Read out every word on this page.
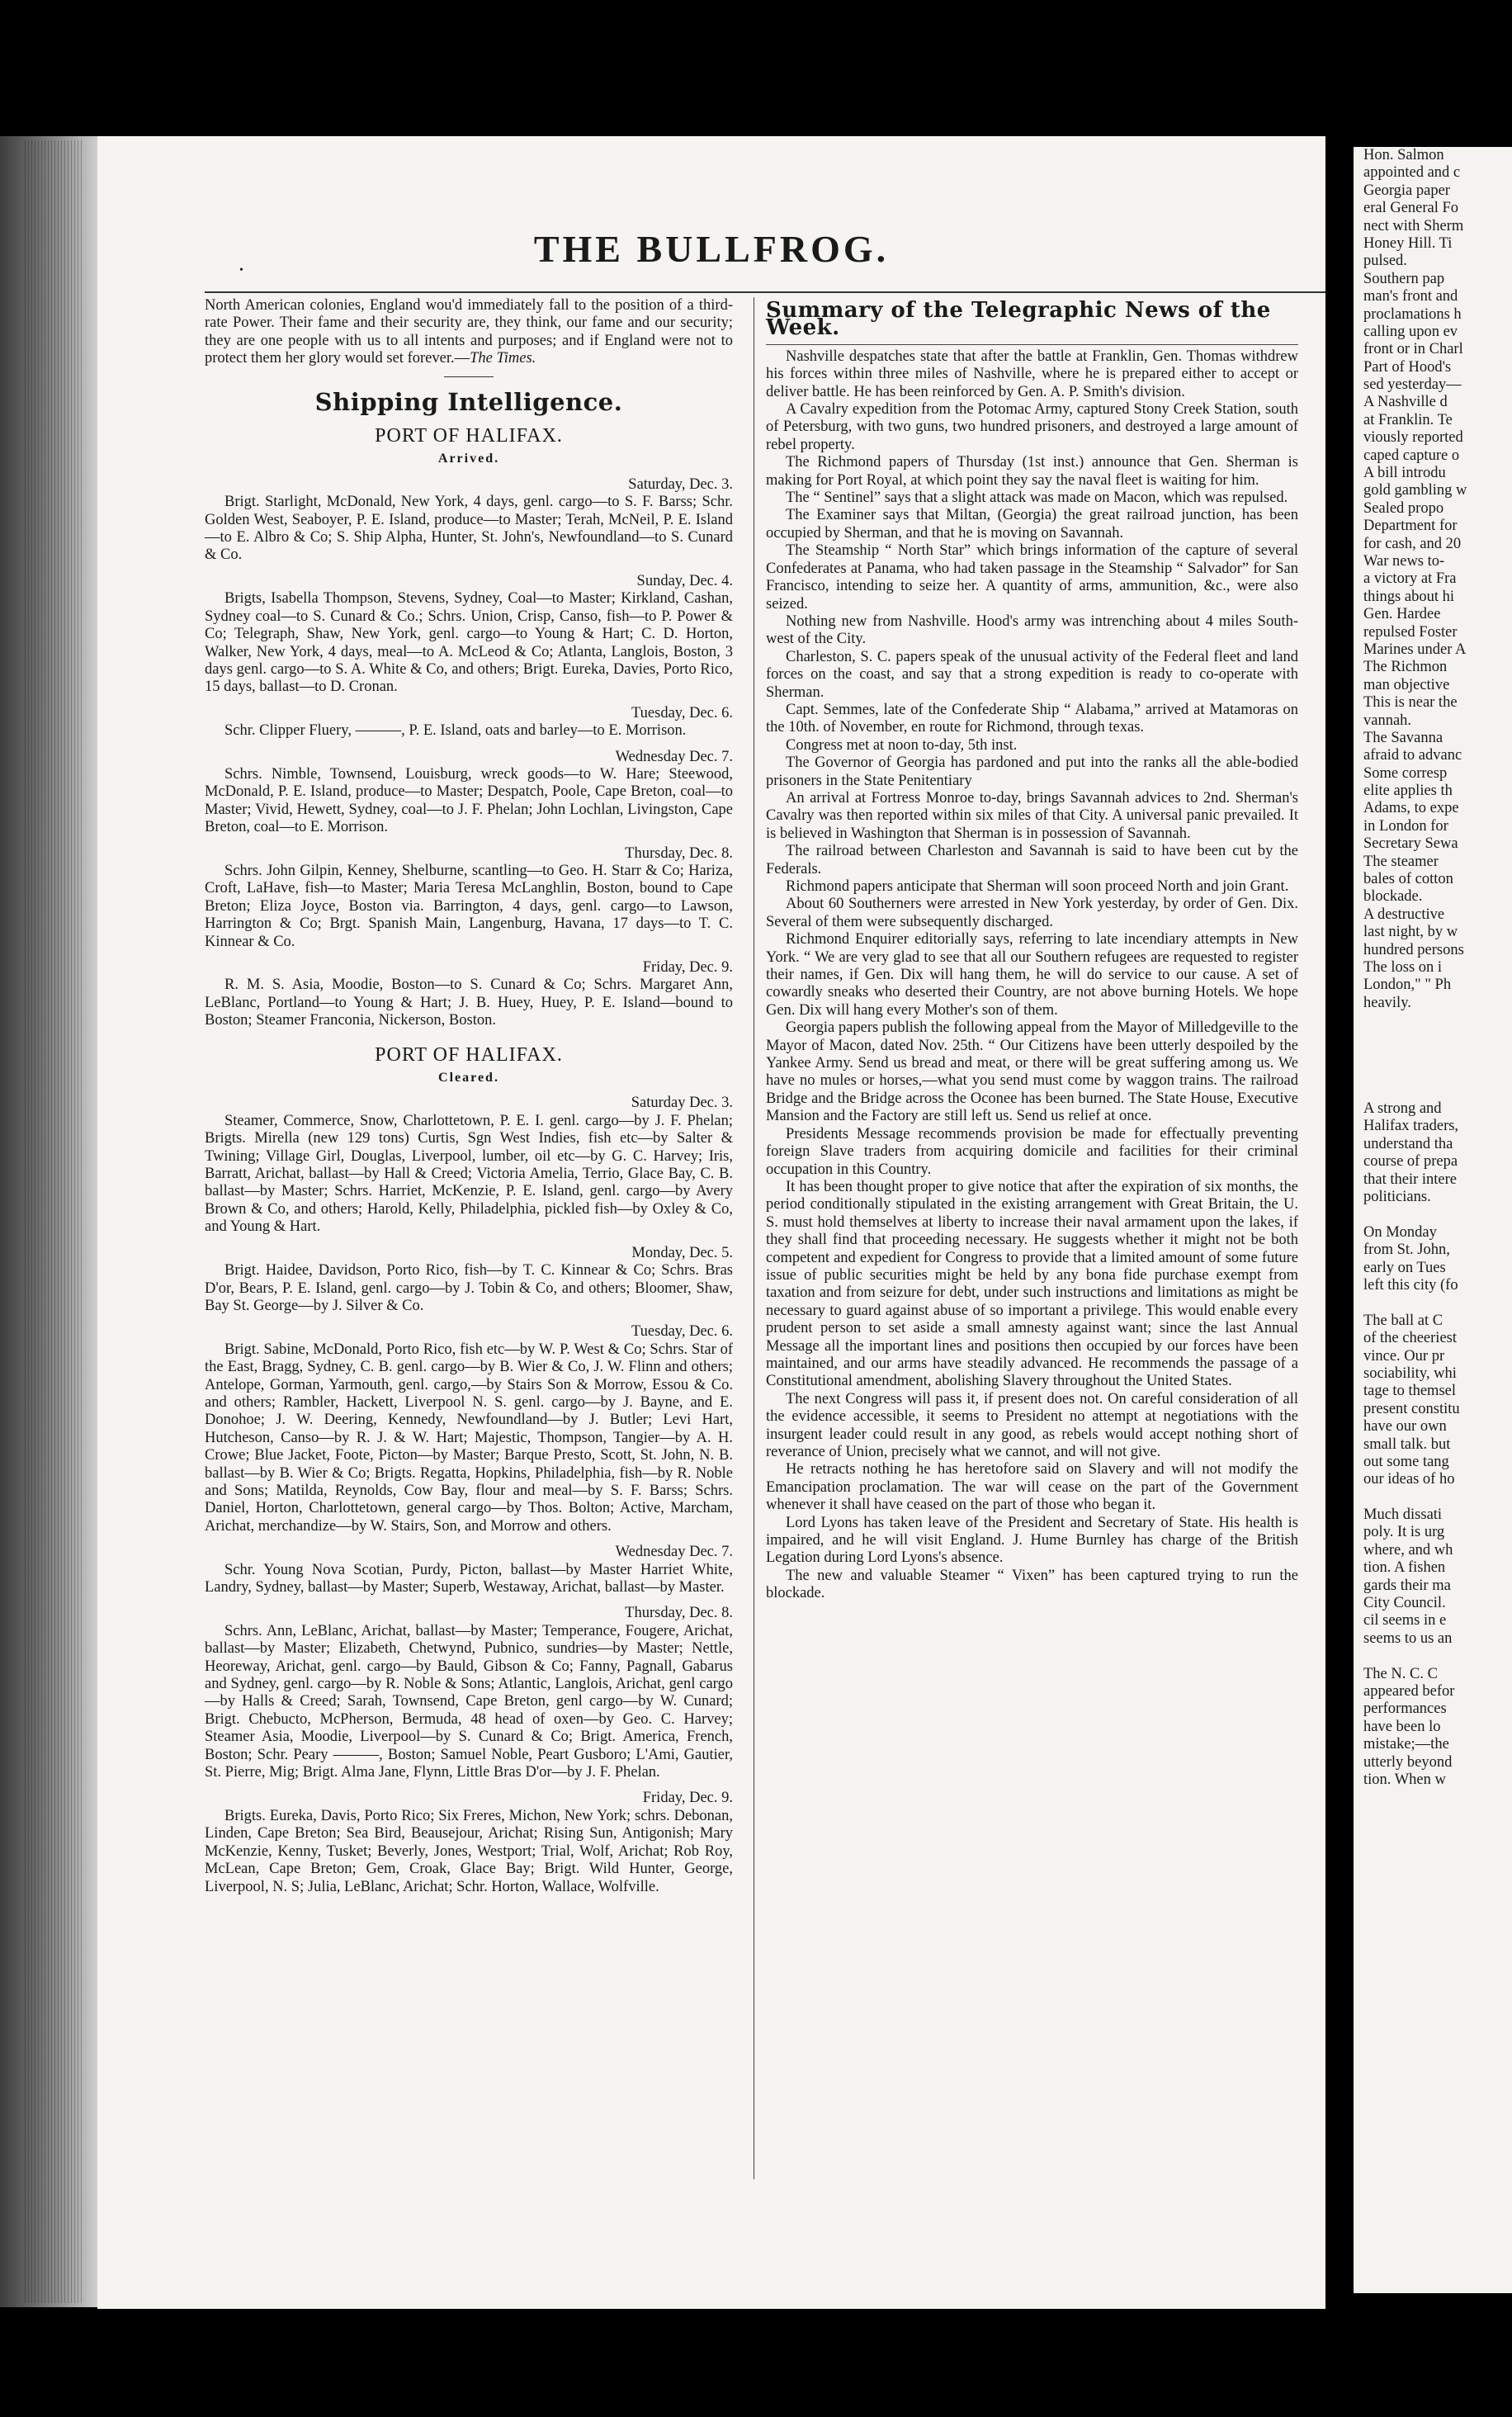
•
THE BULLFROG.

North American colonies, England wou'd immediately fall to the position of a third-rate Power. Their fame and their security are, they think, our fame and our security; they are one people with us to all intents and purposes; and if England were not to protect them her glory would set forever.—The Times.

Shipping Intelligence.
PORT OF HALIFAX.
Arrived.
Saturday, Dec. 3.

Brigt. Starlight, McDonald, New York, 4 days, genl. cargo—to S. F. Barss; Schr. Golden West, Seaboyer, P. E. Island, produce—to Master; Terah, McNeil, P. E. Island—to E. Albro & Co; S. Ship Alpha, Hunter, St. John's, Newfoundland—to S. Cunard & Co.

Sunday, Dec. 4.

Brigts, Isabella Thompson, Stevens, Sydney, Coal—to Master; Kirkland, Cashan, Sydney coal—to S. Cunard & Co.; Schrs. Union, Crisp, Canso, fish—to P. Power & Co; Telegraph, Shaw, New York, genl. cargo—to Young & Hart; C. D. Horton, Walker, New York, 4 days, meal—to A. McLeod & Co; Atlanta, Langlois, Boston, 3 days genl. cargo—to S. A. White & Co, and others; Brigt. Eureka, Davies, Porto Rico, 15 days, ballast—to D. Cronan.

Tuesday, Dec. 6.

Schr. Clipper Fluery, ———, P. E. Island, oats and barley—to E. Morrison.

Wednesday Dec. 7.

Schrs. Nimble, Townsend, Louisburg, wreck goods—to W. Hare; Steewood, McDonald, P. E. Island, produce—to Master; Despatch, Poole, Cape Breton, coal—to Master; Vivid, Hewett, Sydney, coal—to J. F. Phelan; John Lochlan, Livingston, Cape Breton, coal—to E. Morrison.

Thursday, Dec. 8.

Schrs. John Gilpin, Kenney, Shelburne, scantling—to Geo. H. Starr & Co; Hariza, Croft, LaHave, fish—to Master; Maria Teresa McLanghlin, Boston, bound to Cape Breton; Eliza Joyce, Boston via. Barrington, 4 days, genl. cargo—to Lawson, Harrington & Co; Brgt. Spanish Main, Langenburg, Havana, 17 days—to T. C. Kinnear & Co.

Friday, Dec. 9.

R. M. S. Asia, Moodie, Boston—to S. Cunard & Co; Schrs. Margaret Ann, LeBlanc, Portland—to Young & Hart; J. B. Huey, Huey, P. E. Island—bound to Boston; Steamer Franconia, Nickerson, Boston.

PORT OF HALIFAX.
Cleared.
Saturday Dec. 3.

Steamer, Commerce, Snow, Charlottetown, P. E. I. genl. cargo—by J. F. Phelan; Brigts. Mirella (new 129 tons) Curtis, Sgn West Indies, fish etc—by Salter & Twining; Village Girl, Douglas, Liverpool, lumber, oil etc—by G. C. Harvey; Iris, Barratt, Arichat, ballast—by Hall & Creed; Victoria Amelia, Terrio, Glace Bay, C. B. ballast—by Master; Schrs. Harriet, McKenzie, P. E. Island, genl. cargo—by Avery Brown & Co, and others; Harold, Kelly, Philadelphia, pickled fish—by Oxley & Co, and Young & Hart.

Monday, Dec. 5.

Brigt. Haidee, Davidson, Porto Rico, fish—by T. C. Kinnear & Co; Schrs. Bras D'or, Bears, P. E. Island, genl. cargo—by J. Tobin & Co, and others; Bloomer, Shaw, Bay St. George—by J. Silver & Co.

Tuesday, Dec. 6.

Brigt. Sabine, McDonald, Porto Rico, fish etc—by W. P. West & Co; Schrs. Star of the East, Bragg, Sydney, C. B. genl. cargo—by B. Wier & Co, J. W. Flinn and others; Antelope, Gorman, Yarmouth, genl. cargo,—by Stairs Son & Morrow, Essou & Co. and others; Rambler, Hackett, Liverpool N. S. genl. cargo—by J. Bayne, and E. Donohoe; J. W. Deering, Kennedy, Newfoundland—by J. Butler; Levi Hart, Hutcheson, Canso—by R. J. & W. Hart; Majestic, Thompson, Tangier—by A. H. Crowe; Blue Jacket, Foote, Picton—by Master; Barque Presto, Scott, St. John, N. B. ballast—by B. Wier & Co; Brigts. Regatta, Hopkins, Philadelphia, fish—by R. Noble and Sons; Matilda, Reynolds, Cow Bay, flour and meal—by S. F. Barss; Schrs. Daniel, Horton, Charlottetown, general cargo—by Thos. Bolton; Active, Marcham, Arichat, merchandize—by W. Stairs, Son, and Morrow and others.

Wednesday Dec. 7.

Schr. Young Nova Scotian, Purdy, Picton, ballast—by Master Harriet White, Landry, Sydney, ballast—by Master; Superb, Westaway, Arichat, ballast—by Master.

Thursday, Dec. 8.

Schrs. Ann, LeBlanc, Arichat, ballast—by Master; Temperance, Fougere, Arichat, ballast—by Master; Elizabeth, Chetwynd, Pubnico, sundries—by Master; Nettle, Heoreway, Arichat, genl. cargo—by Bauld, Gibson & Co; Fanny, Pagnall, Gabarus and Sydney, genl. cargo—by R. Noble & Sons; Atlantic, Langlois, Arichat, genl cargo—by Halls & Creed; Sarah, Townsend, Cape Breton, genl cargo—by W. Cunard; Brigt. Chebucto, McPherson, Bermuda, 48 head of oxen—by Geo. C. Harvey; Steamer Asia, Moodie, Liverpool—by S. Cunard & Co; Brigt. America, French, Boston; Schr. Peary ———, Boston; Samuel Noble, Peart Gusboro; L'Ami, Gautier, St. Pierre, Mig; Brigt. Alma Jane, Flynn, Little Bras D'or—by J. F. Phelan.

Friday, Dec. 9.

Brigts. Eureka, Davis, Porto Rico; Six Freres, Michon, New York; schrs. Debonan, Linden, Cape Breton; Sea Bird, Beausejour, Arichat; Rising Sun, Antigonish; Mary McKenzie, Kenny, Tusket; Beverly, Jones, Westport; Trial, Wolf, Arichat; Rob Roy, McLean, Cape Breton; Gem, Croak, Glace Bay; Brigt. Wild Hunter, George, Liverpool, N. S; Julia, LeBlanc, Arichat; Schr. Horton, Wallace, Wolfville.

Summary of the Telegraphic News of the Week.

Nashville despatches state that after the battle at Franklin, Gen. Thomas withdrew his forces within three miles of Nashville, where he is prepared either to accept or deliver battle. He has been reinforced by Gen. A. P. Smith's division.

A Cavalry expedition from the Potomac Army, captured Stony Creek Station, south of Petersburg, with two guns, two hundred prisoners, and destroyed a large amount of rebel property.

The Richmond papers of Thursday (1st inst.) announce that Gen. Sherman is making for Port Royal, at which point they say the naval fleet is waiting for him.

The “ Sentinel” says that a slight attack was made on Macon, which was repulsed.

The Examiner says that Miltan, (Georgia) the great railroad junction, has been occupied by Sherman, and that he is moving on Savannah.

The Steamship “ North Star” which brings information of the capture of several Confederates at Panama, who had taken passage in the Steamship “ Salvador” for San Francisco, intending to seize her. A quantity of arms, ammunition, &c., were also seized.

Nothing new from Nashville. Hood's army was intrenching about 4 miles South-west of the City.

Charleston, S. C. papers speak of the unusual activity of the Federal fleet and land forces on the coast, and say that a strong expedition is ready to co-operate with Sherman.

Capt. Semmes, late of the Confederate Ship “ Alabama,” arrived at Matamoras on the 10th. of November, en route for Richmond, through texas.

Congress met at noon to-day, 5th inst.

The Governor of Georgia has pardoned and put into the ranks all the able-bodied prisoners in the State Penitentiary

An arrival at Fortress Monroe to-day, brings Savannah advices to 2nd. Sherman's Cavalry was then reported within six miles of that City. A universal panic prevailed. It is believed in Washington that Sherman is in possession of Savannah.

The railroad between Charleston and Savannah is said to have been cut by the Federals.

Richmond papers anticipate that Sherman will soon proceed North and join Grant.

About 60 Southerners were arrested in New York yesterday, by order of Gen. Dix. Several of them were subsequently discharged.

Richmond Enquirer editorially says, referring to late incendiary attempts in New York. “ We are very glad to see that all our Southern refugees are requested to register their names, if Gen. Dix will hang them, he will do service to our cause. A set of cowardly sneaks who deserted their Country, are not above burning Hotels. We hope Gen. Dix will hang every Mother's son of them.

Georgia papers publish the following appeal from the Mayor of Milledgeville to the Mayor of Macon, dated Nov. 25th. “ Our Citizens have been utterly despoiled by the Yankee Army. Send us bread and meat, or there will be great suffering among us. We have no mules or horses,—what you send must come by waggon trains. The railroad Bridge and the Bridge across the Oconee has been burned. The State House, Executive Mansion and the Factory are still left us. Send us relief at once.

Presidents Message recommends provision be made for effectually preventing foreign Slave traders from acquiring domicile and facilities for their criminal occupation in this Country.

It has been thought proper to give notice that after the expiration of six months, the period conditionally stipulated in the existing arrangement with Great Britain, the U. S. must hold themselves at liberty to increase their naval armament upon the lakes, if they shall find that proceeding necessary. He suggests whether it might not be both competent and expedient for Congress to provide that a limited amount of some future issue of public securities might be held by any bona fide purchase exempt from taxation and from seizure for debt, under such instructions and limitations as might be necessary to guard against abuse of so important a privilege. This would enable every prudent person to set aside a small amnesty against want; since the last Annual Message all the important lines and positions then occupied by our forces have been maintained, and our arms have steadily advanced. He recommends the passage of a Constitutional amendment, abolishing Slavery throughout the United States.

The next Congress will pass it, if present does not. On careful consideration of all the evidence accessible, it seems to President no attempt at negotiations with the insurgent leader could result in any good, as rebels would accept nothing short of reverance of Union, precisely what we cannot, and will not give.

He retracts nothing he has heretofore said on Slavery and will not modify the Emancipation proclamation. The war will cease on the part of the Government whenever it shall have ceased on the part of those who began it.

Lord Lyons has taken leave of the President and Secretary of State. His health is impaired, and he will visit England. J. Hume Burnley has charge of the British Legation during Lord Lyons's absence.

The new and valuable Steamer “ Vixen” has been captured trying to run the blockade.

Hon. Salmon
appointed and c
Georgia paper
eral General Fo
nect with Sherm
Honey Hill. Ti
pulsed.
Southern pap
man's front and
proclamations h
calling upon ev
front or in Charl
Part of Hood's
sed yesterday—
A Nashville d
at Franklin. Te
viously reported
caped capture o
A bill introdu
gold gambling w
Sealed propo
Department for
for cash, and 20
War news to-
a victory at Fra
things about hi
Gen. Hardee
repulsed Foster
Marines under A
The Richmon
man objective
This is near the
vannah.
The Savanna
afraid to advanc
Some corresp
elite applies th
Adams, to expe
in London for
Secretary Sewa
The steamer
bales of cotton
blockade.
A destructive
last night, by w
hundred persons
The loss on i
London," " Ph
heavily.
A strong and
Halifax traders,
understand tha
course of prepa
that their intere
politicians.
On Monday
from St. John,
early on Tues
left this city (fo
The ball at C
of the cheeriest
vince. Our pr
sociability, whi
tage to themsel
present constitu
have our own
small talk. but
out some tang
our ideas of ho
Much dissati
poly. It is urg
where, and wh
tion. A fishen
gards their ma
City Council.
cil seems in e
seems to us an
The N. C. C
appeared befor
performances
have been lo
mistake;—the
utterly beyond
tion. When w
